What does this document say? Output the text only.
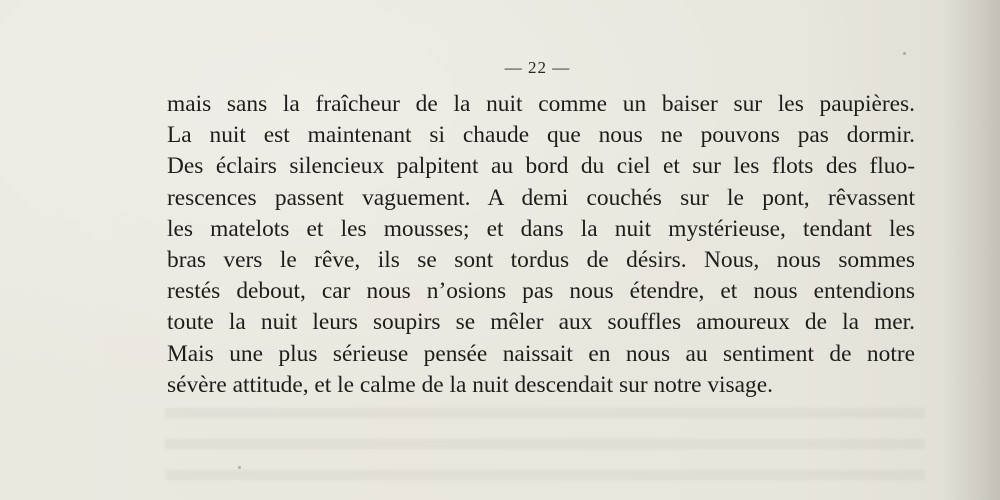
— 22 —
mais sans la fraîcheur de la nuit comme un baiser sur les paupières.
La nuit est maintenant si chaude que nous ne pouvons pas dormir.
Des éclairs silencieux palpitent au bord du ciel et sur les flots des fluo-
rescences passent vaguement. A demi couchés sur le pont, rêvassent
les matelots et les mousses; et dans la nuit mystérieuse, tendant les
bras vers le rêve, ils se sont tordus de désirs. Nous, nous sommes
restés debout, car nous n’osions pas nous étendre, et nous entendions
toute la nuit leurs soupirs se mêler aux souffles amoureux de la mer.
Mais une plus sérieuse pensée naissait en nous au sentiment de notre
sévère attitude, et le calme de la nuit descendait sur notre visage.
